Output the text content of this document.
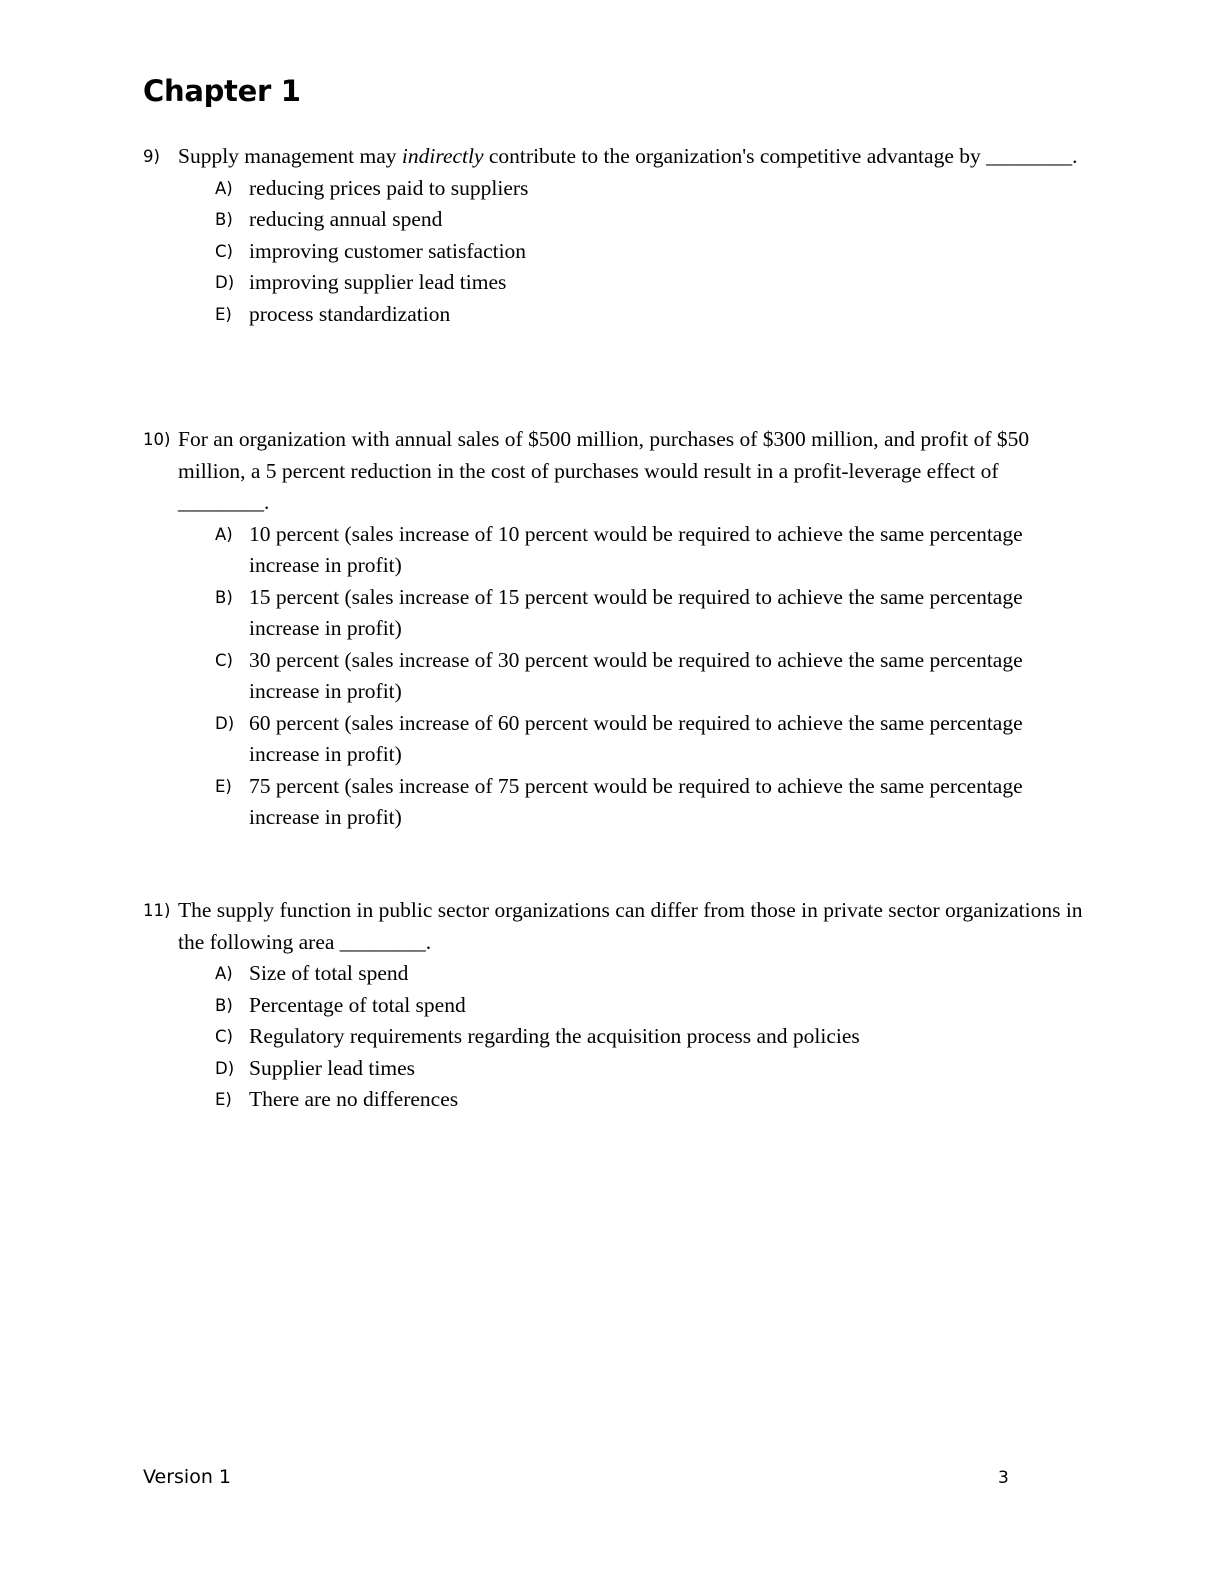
Chapter 1
9) Supply management may indirectly contribute to the organization's competitive advantage by ________.
A) reducing prices paid to suppliers
B) reducing annual spend
C) improving customer satisfaction
D) improving supplier lead times
E) process standardization
10) For an organization with annual sales of $500 million, purchases of $300 million, and profit of $50 million, a 5 percent reduction in the cost of purchases would result in a profit-leverage effect of ________.
A) 10 percent (sales increase of 10 percent would be required to achieve the same percentage increase in profit)
B) 15 percent (sales increase of 15 percent would be required to achieve the same percentage increase in profit)
C) 30 percent (sales increase of 30 percent would be required to achieve the same percentage increase in profit)
D) 60 percent (sales increase of 60 percent would be required to achieve the same percentage increase in profit)
E) 75 percent (sales increase of 75 percent would be required to achieve the same percentage increase in profit)
11) The supply function in public sector organizations can differ from those in private sector organizations in the following area ________.
A) Size of total spend
B) Percentage of total spend
C) Regulatory requirements regarding the acquisition process and policies
D) Supplier lead times
E) There are no differences
Version 1	3
